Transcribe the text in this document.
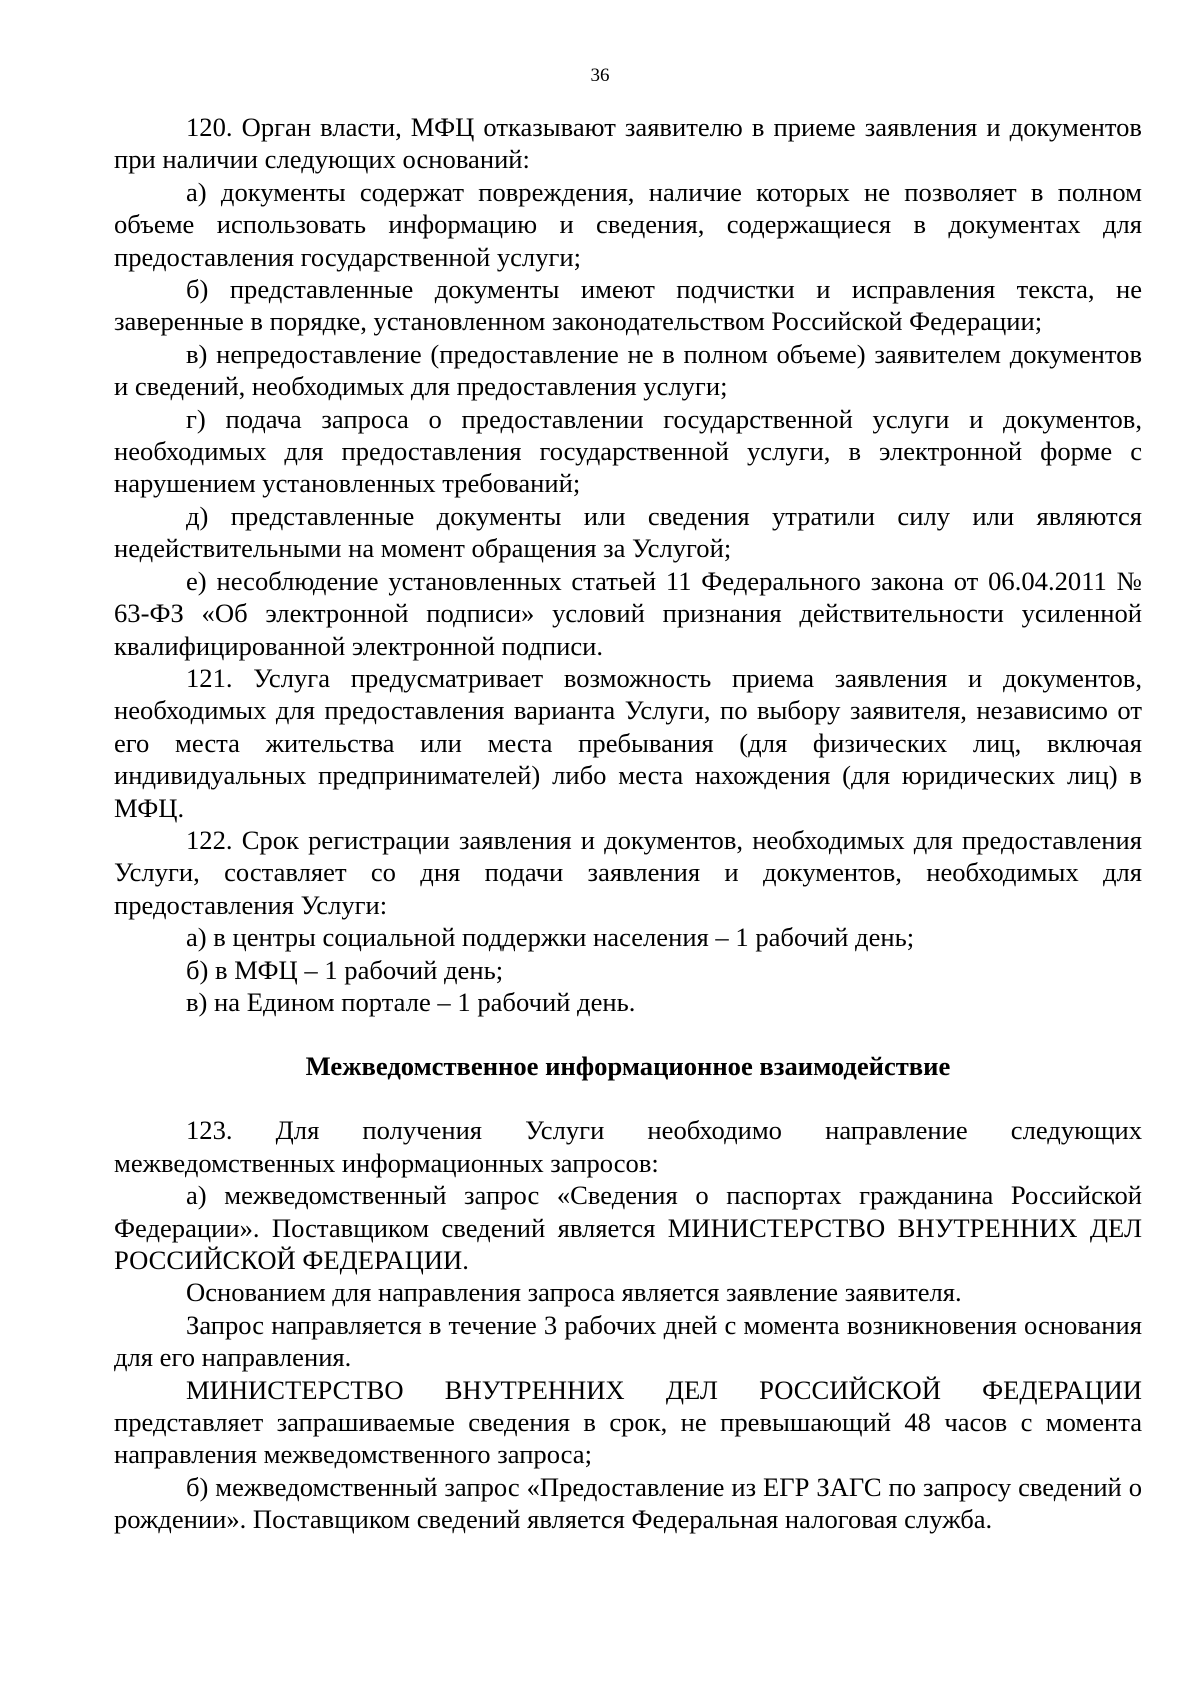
36

120. Орган власти, МФЦ отказывают заявителю в приеме заявления и документов при наличии следующих оснований:

а) документы содержат повреждения, наличие которых не позволяет в полном объеме использовать информацию и сведения, содержащиеся в документах для предоставления государственной услуги;

б) представленные документы имеют подчистки и исправления текста, не заверенные в порядке, установленном законодательством Российской Федерации;

в) непредоставление (предоставление не в полном объеме) заявителем документов и сведений, необходимых для предоставления услуги;

г) подача запроса о предоставлении государственной услуги и документов, необходимых для предоставления государственной услуги, в электронной форме с нарушением установленных требований;

д) представленные документы или сведения утратили силу или являются недействительными на момент обращения за Услугой;

е) несоблюдение установленных статьей 11 Федерального закона от 06.04.2011 № 63-ФЗ «Об электронной подписи» условий признания действительности усиленной квалифицированной электронной подписи.

121. Услуга предусматривает возможность приема заявления и документов, необходимых для предоставления варианта Услуги, по выбору заявителя, независимо от его места жительства или места пребывания (для физических лиц, включая индивидуальных предпринимателей) либо места нахождения (для юридических лиц) в МФЦ.

122. Срок регистрации заявления и документов, необходимых для предоставления Услуги, составляет со дня подачи заявления и документов, необходимых для предоставления Услуги:

а) в центры социальной поддержки населения – 1 рабочий день;

б) в МФЦ – 1 рабочий день;

в) на Едином портале – 1 рабочий день.

Межведомственное информационное взаимодействие

123. Для получения Услуги необходимо направление следующих межведомственных информационных запросов:

а) межведомственный запрос «Сведения о паспортах гражданина Российской Федерации». Поставщиком сведений является МИНИСТЕРСТВО ВНУТРЕННИХ ДЕЛ РОССИЙСКОЙ ФЕДЕРАЦИИ.

Основанием для направления запроса является заявление заявителя.

Запрос направляется в течение 3 рабочих дней с момента возникновения основания для его направления.

МИНИСТЕРСТВО ВНУТРЕННИХ ДЕЛ РОССИЙСКОЙ ФЕДЕРАЦИИ представляет запрашиваемые сведения в срок, не превышающий 48 часов с момента направления межведомственного запроса;

б) межведомственный запрос «Предоставление из ЕГР ЗАГС по запросу сведений о рождении». Поставщиком сведений является Федеральная налоговая служба.
